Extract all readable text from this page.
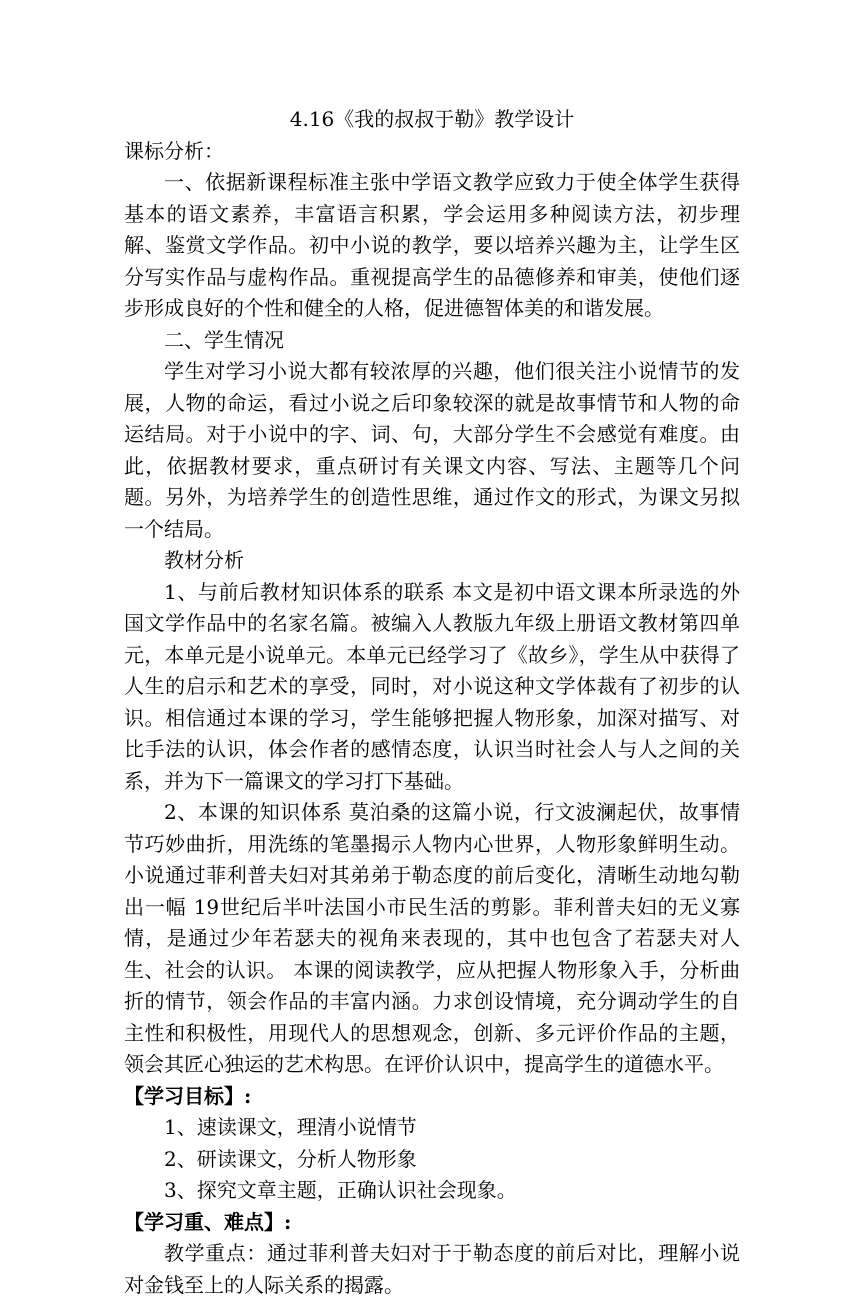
4.16《我的叔叔于勒》教学设计

课标分析：

一、依据新课程标准主张中学语文教学应致力于使全体学生获得基本的语文素养，丰富语言积累，学会运用多种阅读方法，初步理解、鉴赏文学作品。初中小说的教学，要以培养兴趣为主，让学生区分写实作品与虚构作品。重视提高学生的品德修养和审美，使他们逐步形成良好的个性和健全的人格，促进德智体美的和谐发展。

二、学生情况

学生对学习小说大都有较浓厚的兴趣，他们很关注小说情节的发展，人物的命运，看过小说之后印象较深的就是故事情节和人物的命运结局。对于小说中的字、词、句，大部分学生不会感觉有难度。由此，依据教材要求，重点研讨有关课文内容、写法、主题等几个问题。另外，为培养学生的创造性思维，通过作文的形式，为课文另拟一个结局。

教材分析

1、与前后教材知识体系的联系 本文是初中语文课本所录选的外国文学作品中的名家名篇。被编入人教版九年级上册语文教材第四单元，本单元是小说单元。本单元已经学习了《故乡》，学生从中获得了人生的启示和艺术的享受，同时，对小说这种文学体裁有了初步的认识。相信通过本课的学习，学生能够把握人物形象，加深对描写、对比手法的认识，体会作者的感情态度，认识当时社会人与人之间的关系，并为下一篇课文的学习打下基础。

2、本课的知识体系 莫泊桑的这篇小说，行文波澜起伏，故事情节巧妙曲折，用洗练的笔墨揭示人物内心世界，人物形象鲜明生动。小说通过菲利普夫妇对其弟弟于勒态度的前后变化，清晰生动地勾勒出一幅 19世纪后半叶法国小市民生活的剪影。菲利普夫妇的无义寡情，是通过少年若瑟夫的视角来表现的，其中也包含了若瑟夫对人生、社会的认识。 本课的阅读教学，应从把握人物形象入手，分析曲折的情节，领会作品的丰富内涵。力求创设情境，充分调动学生的自主性和积极性，用现代人的思想观念，创新、多元评价作品的主题，领会其匠心独运的艺术构思。在评价认识中，提高学生的道德水平。

【学习目标】:

1、速读课文，理清小说情节

2、研读课文，分析人物形象

3、探究文章主题，正确认识社会现象。

【学习重、难点】:

教学重点：通过菲利普夫妇对于于勒态度的前后对比，理解小说对金钱至上的人际关系的揭露。
